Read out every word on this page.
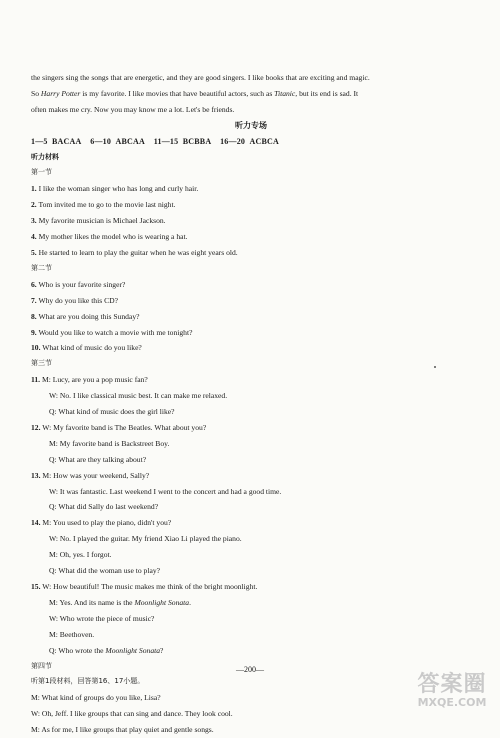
the singers sing the songs that are energetic, and they are good singers. I like books that are exciting and magic.
So Harry Potter is my favorite. I like movies that have beautiful actors, such as Titanic, but its end is sad. It
often makes me cry. Now you may know me a lot. Let's be friends.
听力专场
1—5 BACAA 6—10 ABCAA 11—15 BCBBA 16—20 ACBCA
听力材料
第一节
1. I like the woman singer who has long and curly hair.
2. Tom invited me to go to the movie last night.
3. My favorite musician is Michael Jackson.
4. My mother likes the model who is wearing a hat.
5. He started to learn to play the guitar when he was eight years old.
第二节
6. Who is your favorite singer?
7. Why do you like this CD?
8. What are you doing this Sunday?
9. Would you like to watch a movie with me tonight?
10. What kind of music do you like?
第三节
11. M: Lucy, are you a pop music fan?
W: No. I like classical music best. It can make me relaxed.
Q: What kind of music does the girl like?
12. W: My favorite band is The Beatles. What about you?
M: My favorite band is Backstreet Boy.
Q: What are they talking about?
13. M: How was your weekend, Sally?
W: It was fantastic. Last weekend I went to the concert and had a good time.
Q: What did Sally do last weekend?
14. M: You used to play the piano, didn't you?
W: No. I played the guitar. My friend Xiao Li played the piano.
M: Oh, yes. I forgot.
Q: What did the woman use to play?
15. W: How beautiful! The music makes me think of the bright moonlight.
M: Yes. And its name is the Moonlight Sonata.
W: Who wrote the piece of music?
M: Beethoven.
Q: Who wrote the Moonlight Sonata?
第四节
听第1段材料，回答第16、17小题。
M: What kind of groups do you like, Lisa?
W: Oh, Jeff. I like groups that can sing and dance. They look cool.
M: As for me, I like groups that play quiet and gentle songs.
—200—
答案圈
MXQE.COM
